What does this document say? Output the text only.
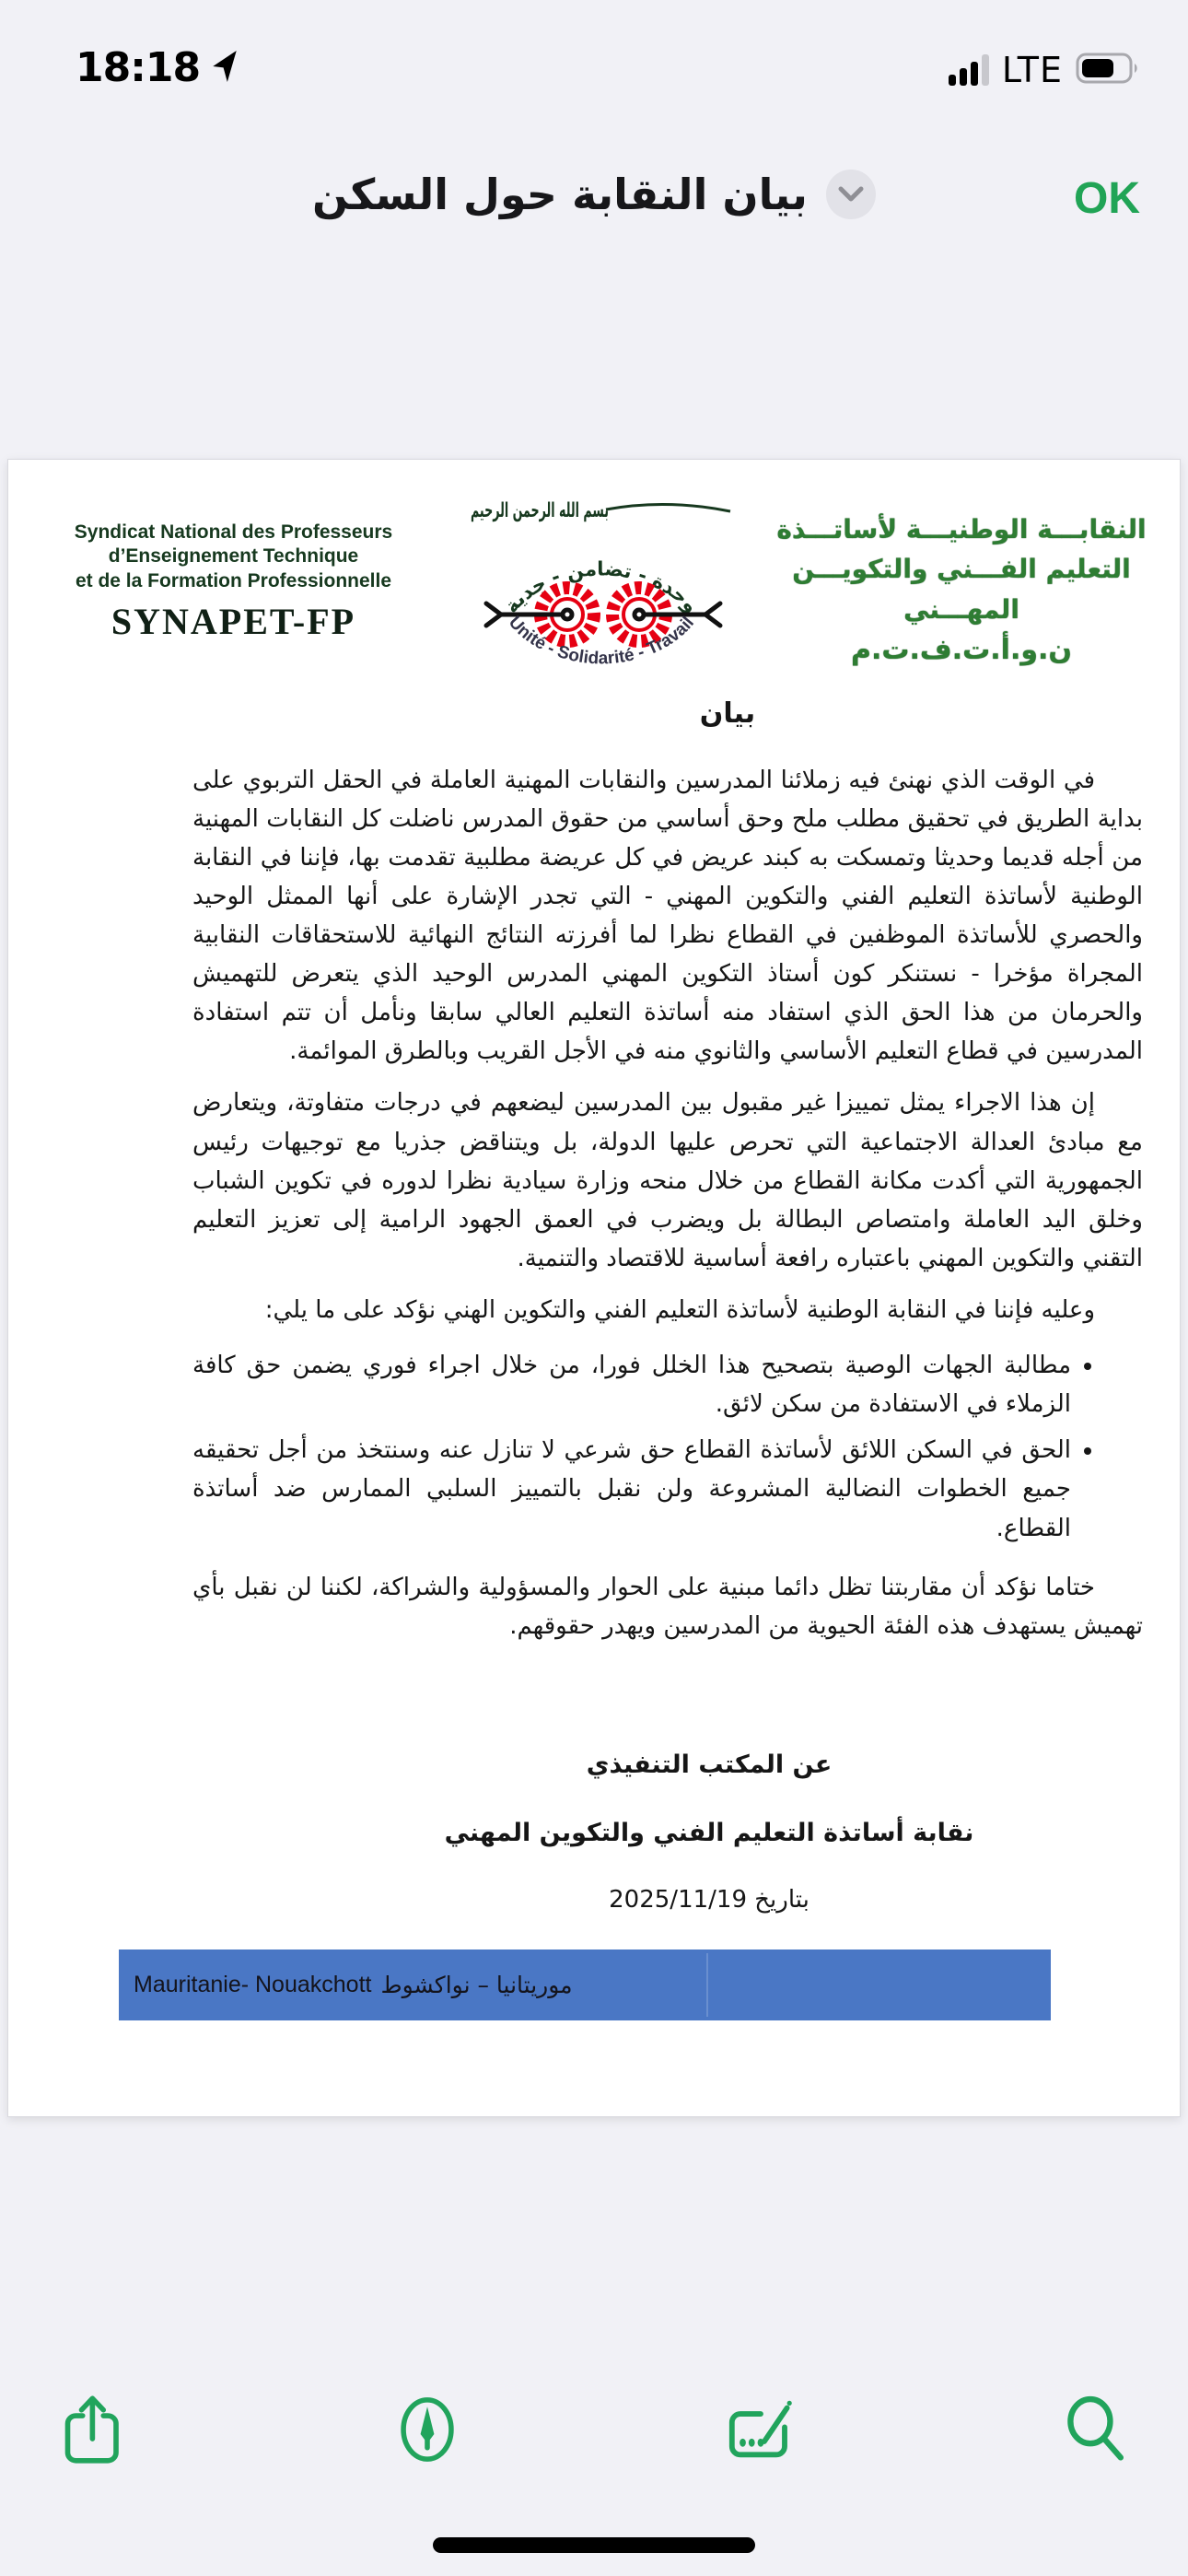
18:18	LTE
بيان النقابة حول السكن	OK
Syndicat National des Professeurs
d’Enseignement Technique
et de la Formation Professionnelle
SYNAPET-FP
بسم الله الرحمن الرحيم
وحدة - تضامن - جدية
Unité - Solidarité - Travail
النقابـــة الوطنيـــة لأساتـــذة
التعليم الفـــني والتكويـــن المهـــني
ن.و.أ.ت.ف.ت.م
بيان

في الوقت الذي نهنئ فيه زملائنا المدرسين والنقابات المهنية العاملة في الحقل التربوي على بداية الطريق في تحقيق مطلب ملح وحق أساسي من حقوق المدرس ناضلت كل النقابات المهنية من أجله قديما وحديثا وتمسكت به كبند عريض في كل عريضة مطلبية تقدمت بها، فإننا في النقابة الوطنية لأساتذة التعليم الفني والتكوين المهني - التي تجدر الإشارة على أنها الممثل الوحيد والحصري للأساتذة الموظفين في القطاع نظرا لما أفرزته النتائج النهائية للاستحقاقات النقابية المجراة مؤخرا - نستنكر كون أستاذ التكوين المهني المدرس الوحيد الذي يتعرض للتهميش والحرمان من هذا الحق الذي استفاد منه أساتذة التعليم العالي سابقا ونأمل أن تتم استفادة المدرسين في قطاع التعليم الأساسي والثانوي منه في الأجل القريب وبالطرق الموائمة.

إن هذا الاجراء يمثل تمييزا غير مقبول بين المدرسين ليضعهم في درجات متفاوتة، ويتعارض مع مبادئ العدالة الاجتماعية التي تحرص عليها الدولة، بل ويتناقض جذريا مع توجيهات رئيس الجمهورية التي أكدت مكانة القطاع من خلال منحه وزارة سيادية نظرا لدوره في تكوين الشباب وخلق اليد العاملة وامتصاص البطالة بل ويضرب في العمق الجهود الرامية إلى تعزيز التعليم التقني والتكوين المهني باعتباره رافعة أساسية للاقتصاد والتنمية.

وعليه فإننا في النقابة الوطنية لأساتذة التعليم الفني والتكوين الهني نؤكد على ما يلي:

• مطالبة الجهات الوصية بتصحيح هذا الخلل فورا، من خلال اجراء فوري يضمن حق كافة الزملاء في الاستفادة من سكن لائق.
• الحق في السكن اللائق لأساتذة القطاع حق شرعي لا تنازل عنه وسنتخذ من أجل تحقيقه جميع الخطوات النضالية المشروعة ولن نقبل بالتمييز السلبي الممارس ضد أساتذة القطاع.

ختاما نؤكد أن مقاربتنا تظل دائما مبنية على الحوار والمسؤولية والشراكة، لكننا لن نقبل بأي تهميش يستهدف هذه الفئة الحيوية من المدرسين ويهدر حقوقهم.

عن المكتب التنفيذي
نقابة أساتذة التعليم الفني والتكوين المهني
بتاريخ 2025/11/19
Mauritanie- Nouakchott موريتانيا – نواكشوط
